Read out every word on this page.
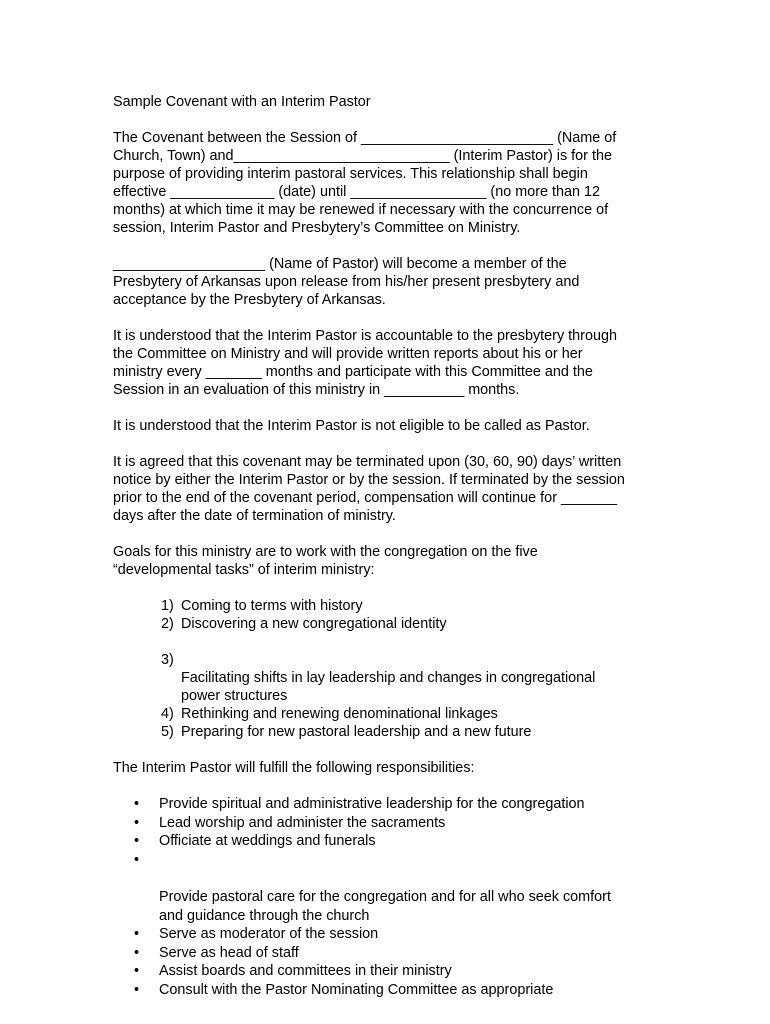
Sample Covenant with an Interim Pastor

The Covenant between the Session of ________________________ (Name of
Church, Town) and___________________________ (Interim Pastor) is for the
purpose of providing interim pastoral services. This relationship shall begin
effective _____________ (date) until _________________ (no more than 12
months) at which time it may be renewed if necessary with the concurrence of
session, Interim Pastor and Presbytery’s Committee on Ministry.

___________________ (Name of Pastor) will become a member of the
Presbytery of Arkansas upon release from his/her present presbytery and
acceptance by the Presbytery of Arkansas.

It is understood that the Interim Pastor is accountable to the presbytery through
the Committee on Ministry and will provide written reports about his or her
ministry every _______ months and participate with this Committee and the
Session in an evaluation of this ministry in __________ months.

It is understood that the Interim Pastor is not eligible to be called as Pastor.

It is agreed that this covenant may be terminated upon (30, 60, 90) days’ written
notice by either the Interim Pastor or by the session. If terminated by the session
prior to the end of the covenant period, compensation will continue for _______
days after the date of termination of ministry.

Goals for this ministry are to work with the congregation on the five
“developmental tasks” of interim ministry:

1) Coming to terms with history
2) Discovering a new congregational identity

3)

Facilitating shifts in lay leadership and changes in congregational
power structures

4) Rethinking and renewing denominational linkages
5) Preparing for new pastoral leadership and a new future

The Interim Pastor will fulfill the following responsibilities:

• Provide spiritual and administrative leadership for the congregation
• Lead worship and administer the sacraments
• Officiate at weddings and funerals

•

Provide pastoral care for the congregation and for all who seek comfort
and guidance through the church

• Serve as moderator of the session
• Serve as head of staff
• Assist boards and committees in their ministry
• Consult with the Pastor Nominating Committee as appropriate
